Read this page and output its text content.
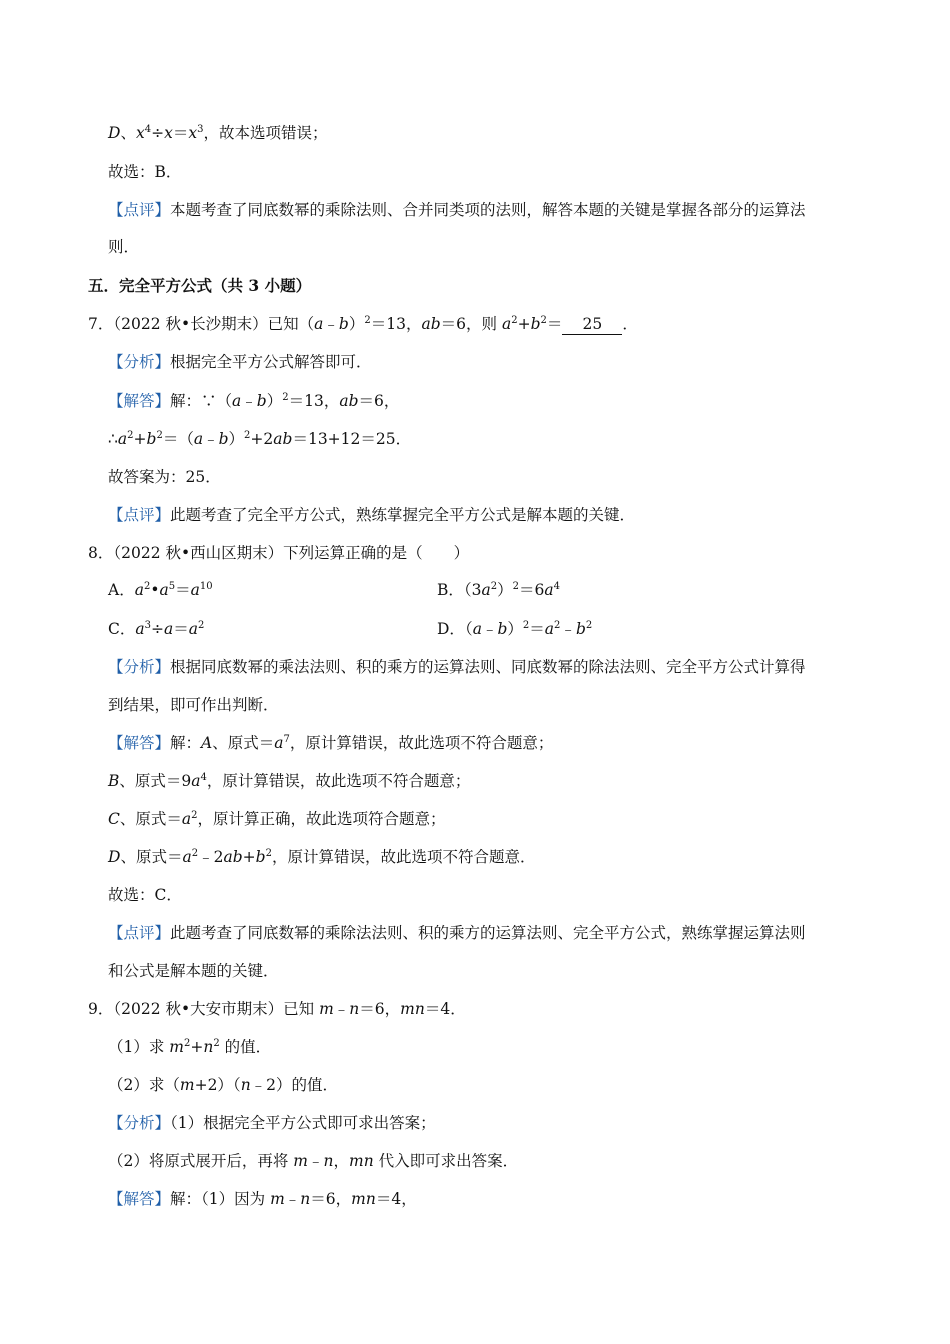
D、$x^4\div x=x^3$，故本选项错误；
故选：B．
【点评】本题考查了同底数幂的乘除法则、合并同类项的法则，解答本题的关键是掌握各部分的运算法
则．
五．完全平方公式（共 3 小题）
7．（2022 秋•长沙期末）已知（a﹣b）$^2$＝13，ab＝6，则 $a^2+b^2= 25$ ．
【分析】根据完全平方公式解答即可．
【解答】解：∵（a﹣b）$^2$＝13，ab＝6，
$\therefore a^2+b^2=(a﹣b)^2+2ab=13+12=25$．
故答案为：25．
【点评】此题考查了完全平方公式，熟练掌握完全平方公式是解本题的关键．
8．（2022 秋•西山区期末）下列运算正确的是（　　）
A．$a^2•a^5=a^{10}$	B．$(3a^2)^2=6a^4$
C．$a^3\div a=a^2$	D．$(a﹣b)^2=a^2﹣b^2$
【分析】根据同底数幂的乘法法则、积的乘方的运算法则、同底数幂的除法法则、完全平方公式计算得
到结果，即可作出判断．
【解答】解：A、原式$=a^7$，原计算错误，故此选项不符合题意；
B、原式$=9a^4$，原计算错误，故此选项不符合题意；
C、原式$=a^2$，原计算正确，故此选项符合题意；
D、原式$=a^2﹣2ab+b^2$，原计算错误，故此选项不符合题意．
故选：C．
【点评】此题考查了同底数幂的乘除法法则、积的乘方的运算法则、完全平方公式，熟练掌握运算法则
和公式是解本题的关键．
9．（2022 秋•大安市期末）已知 m﹣n＝6，mn＝4．
（1）求 $m^2+n^2$ 的值．
（2）求（m+2）（n﹣2）的值．
【分析】（1）根据完全平方公式即可求出答案；
（2）将原式展开后，再将 m﹣n，mn 代入即可求出答案．
【解答】解：（1）因为 m﹣n＝6，mn＝4，
